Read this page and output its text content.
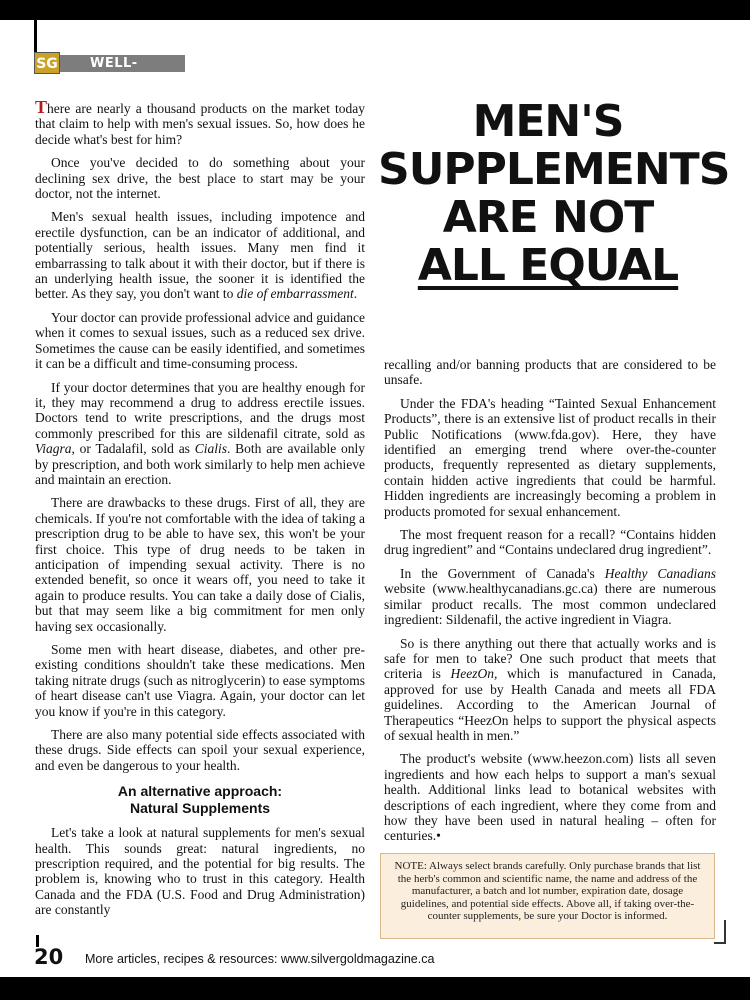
SG	WELL-BEING
MEN'S
SUPPLEMENTS
ARE NOT
ALL EQUAL

There are nearly a thousand products on the market today that claim to help with men's sexual issues. So, how does he decide what's best for him?

Once you've decided to do something about your declining sex drive, the best place to start may be your doctor, not the internet.

Men's sexual health issues, including impotence and erectile dysfunction, can be an indicator of additional, and potentially serious, health issues. Many men find it embarrassing to talk about it with their doctor, but if there is an underlying health issue, the sooner it is identified the better. As they say, you don't want to die of embarrassment.

Your doctor can provide professional advice and guidance when it comes to sexual issues, such as a reduced sex drive. Sometimes the cause can be easily identified, and sometimes it can be a difficult and time-consuming process.

If your doctor determines that you are healthy enough for it, they may recommend a drug to address erectile issues. Doctors tend to write prescriptions, and the drugs most commonly prescribed for this are sildenafil citrate, sold as Viagra, or Tadalafil, sold as Cialis. Both are available only by prescription, and both work similarly to help men achieve and maintain an erection.

There are drawbacks to these drugs. First of all, they are chemicals. If you're not comfortable with the idea of taking a prescription drug to be able to have sex, this won't be your first choice. This type of drug needs to be taken in anticipation of impending sexual activity. There is no extended benefit, so once it wears off, you need to take it again to produce results. You can take a daily dose of Cialis, but that may seem like a big commitment for men only having sex occasionally.

Some men with heart disease, diabetes, and other pre-existing conditions shouldn't take these medications. Men taking nitrate drugs (such as nitroglycerin) to ease symptoms of heart disease can't use Viagra. Again, your doctor can let you know if you're in this category.

There are also many potential side effects associated with these drugs. Side effects can spoil your sexual experience, and even be dangerous to your health.

An alternative approach:
Natural Supplements

Let's take a look at natural supplements for men's sexual health. This sounds great: natural ingredients, no prescription required, and the potential for big results. The problem is, knowing who to trust in this category. Health Canada and the FDA (U.S. Food and Drug Administration) are constantly

recalling and/or banning products that are considered to be unsafe.

Under the FDA's heading “Tainted Sexual Enhancement Products”, there is an extensive list of product recalls in their Public Notifications (www.fda.gov). Here, they have identified an emerging trend where over-the-counter products, frequently represented as dietary supplements, contain hidden active ingredients that could be harmful. Hidden ingredients are increasingly becoming a problem in products promoted for sexual enhancement.

The most frequent reason for a recall? “Contains hidden drug ingredient” and “Contains undeclared drug ingredient”.

In the Government of Canada's Healthy Canadians website (www.healthycanadians.gc.ca) there are numerous similar product recalls. The most common undeclared ingredient: Sildenafil, the active ingredient in Viagra.

So is there anything out there that actually works and is safe for men to take? One such product that meets that criteria is HeezOn, which is manufactured in Canada, approved for use by Health Canada and meets all FDA guidelines. According to the American Journal of Therapeutics “HeezOn helps to support the physical aspects of sexual health in men.”

The product's website (www.heezon.com) lists all seven ingredients and how each helps to support a man's sexual health. Additional links lead to botanical websites with descriptions of each ingredient, where they come from and how they have been used in natural healing – often for centuries.•

NOTE: Always select brands carefully. Only purchase brands that list the herb's common and scientific name, the name and address of the manufacturer, a batch and lot number, expiration date, dosage guidelines, and potential side effects. Above all, if taking over-the-counter supplements, be sure your Doctor is informed.
20 More articles, recipes & resources: www.silvergoldmagazine.ca
